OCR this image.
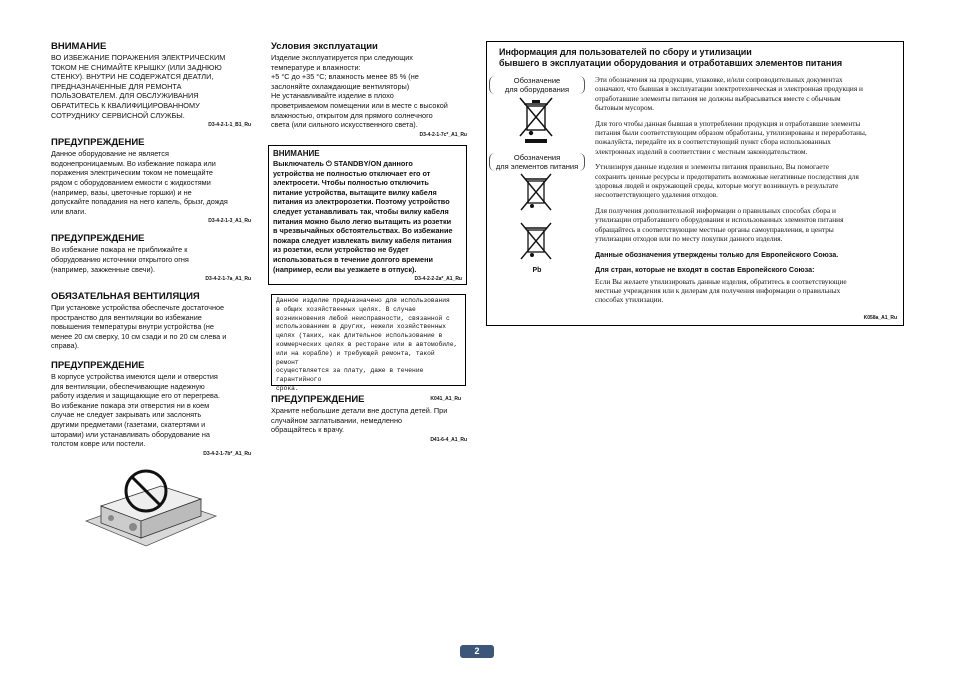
ВНИМАНИЕ

ВО ИЗБЕЖАНИЕ ПОРАЖЕНИЯ ЭЛЕКТРИЧЕСКИМ
ТОКОМ НЕ СНИМАЙТЕ КРЫШКУ (ИЛИ ЗАДНЮЮ
СТЕНКУ). ВНУТРИ НЕ СОДЕРЖАТСЯ ДЕАТЛИ,
ПРЕДНАЗНАЧЕННЫЕ ДЛЯ РЕМОНТА
ПОЛЬЗОВАТЕЛЕМ. ДЛЯ ОБСЛУЖИВАНИЯ
ОБРАТИТЕСЬ К КВАЛИФИЦИРОВАННОМУ
СОТРУДНИКУ СЕРВИСНОЙ СЛУЖБЫ.

D3-4-2-1-1_B1_Ru

ПРЕДУПРЕЖДЕНИЕ

Данное оборудование не является
водонепроницаемым. Во избежание пожара или
поражения электрическим током не помещайте
рядом с оборудованием емкости с жидкостями
(например, вазы, цветочные горшки) и не
допускайте попадания на него капель, брызг, дождя
или влаги.

D3-4-2-1-3_A1_Ru

ПРЕДУПРЕЖДЕНИЕ

Во избежание пожара не приближайте к
оборудованию источники открытого огня
(например, зажженные свечи).

D3-4-2-1-7a_A1_Ru

ОБЯЗАТЕЛЬНАЯ ВЕНТИЛЯЦИЯ

При установке устройства обеспечьте достаточное
пространство для вентиляции во избежание
повышения температуры внутри устройства (не
менее 20 см сверху, 10 см сзади и по 20 см слева и
справа).

ПРЕДУПРЕЖДЕНИЕ

В корпусе устройства имеются щели и отверстия
для вентиляции, обеспечивающие надежную
работу изделия и защищающие его от перегрева.
Во избежание пожара эти отверстия ни в коем
случае не следует закрывать или заслонять
другими предметами (газетами, скатертями и
шторами) или устанавливать оборудование на
толстом ковре или постели.

D3-4-2-1-7b*_A1_Ru

Условия эксплуатации

Изделие эксплуатируется при следующих
температуре и влажности:
+5 °C до +35 °C; влажность менее 85 % (не
заслоняйте охлаждающие вентиляторы)
Не устанавливайте изделие в плохо
проветриваемом помещении или в месте с высокой
влажностью, открытом для прямого солнечного
света (или сильного искусственного света).

D3-4-2-1-7c*_A1_Ru

ВНИМАНИЕ

Выключатель ⏻ STANDBY/ON данного
устройства не полностью отключает его от
электросети. Чтобы полностью отключить
питание устройства, вытащите вилку кабеля
питания из электророзетки. Поэтому устройство
следует устанавливать так, чтобы вилку кабеля
питания можно было легко вытащить из розетки
в чрезвычайных обстоятельствах. Во избежание
пожара следует извлекать вилку кабеля питания
из розетки, если устройство не будет
использоваться в течение долгого времени
(например, если вы уезжаете в отпуск).

D3-4-2-2-2a*_A1_Ru

Данное изделие предназначено для использования
в общих хозяйственных целях. В случае
возникновения любой неисправности, связанной с
использованием в других, нежели хозяйственных
целях (таких, как длительное использование в
коммерческих целях в ресторане или в автомобиле,
или на корабле) и требующей ремонта, такой ремонт
осуществляется за плату, даже в течение гарантийного
срока.

K041_A1_Ru

ПРЕДУПРЕЖДЕНИЕ

Храните небольшие детали вне доступа детей. При
случайном заглатывании, немедленно
обращайтесь к врачу.

D41-6-4_A1_Ru

Информация для пользователей по сбору и утилизации
бывшего в эксплуатации оборудования и отработавших элементов питания

Обозначение
для оборудования
Обозначения
для элементов питания

Pb

Эти обозначения на продукции, упаковке, и/или сопроводительных документах
означают, что бывшая в эксплуатации электротехническая и электронная продукция и
отработавшие элементы питания не должны выбрасываться вместе с обычным
бытовым мусором.

Для того чтобы данная бывшая в употреблении продукция и отработавшие элементы
питания были соответствующим образом обработаны, утилизированы и переработаны,
пожалуйста, передайте их в соответствующий пункт сбора использованных
электронных изделий в соответствии с местным законодательством.

Утилизируя данные изделия и элементы питания правильно, Вы помогаете
сохранить ценные ресурсы и предотвратить возможные негативные последствия для
здоровья людей и окружающей среды, которые могут возникнуть в результате
несоответствующего удаления отходов.

Для получения дополнительной информации о правильных способах сбора и
утилизации отработавшего оборудования и использованных элементов питания
обращайтесь в соответствующие местные органы самоуправления, в центры
утилизации отходов или по месту покупки данного изделия.

Данные обозначения утверждены только для Европейского Союза.

Для стран, которые не входят в состав Европейского Союза:

Если Вы желаете утилизировать данные изделия, обратитесь в соответствующие
местные учреждения или к дилерам для получения информации о правильных
способах утилизации.

K058a_A1_Ru

2
